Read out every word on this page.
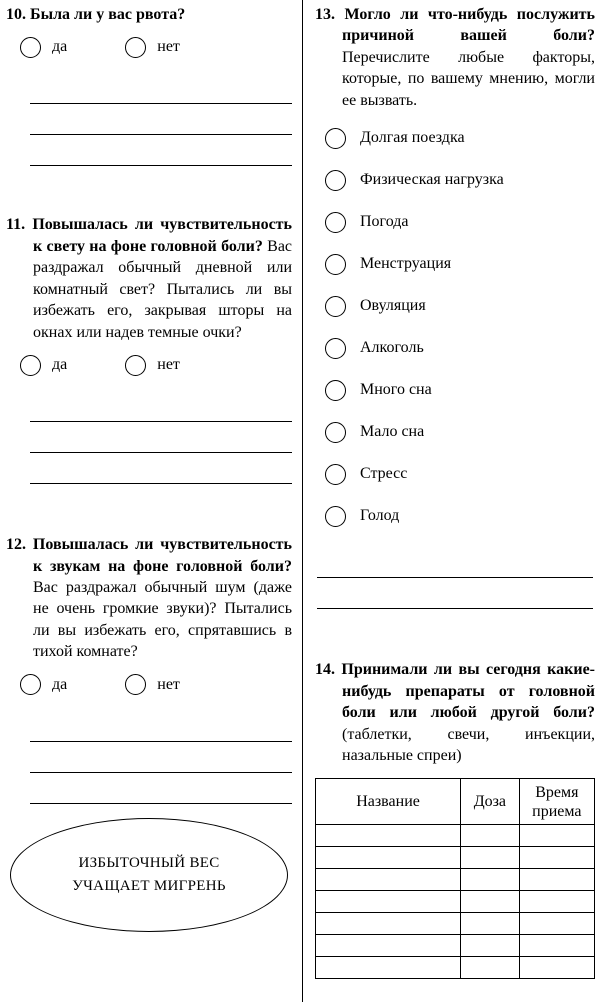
10. Была ли у вас рвота?

да	нет

11. Повышалась ли чувствительность к свету на фоне головной боли? Вас раздражал обычный дневной или комнатный свет? Пытались ли вы избежать его, закрывая шторы на окнах или надев темные очки?

да	нет

12. Повышалась ли чувствительность к звукам на фоне головной боли? Вас раздражал обычный шум (даже не очень громкие звуки)? Пытались ли вы избежать его, спрятавшись в тихой комнате?

да	нет
ИЗБЫТОЧНЫЙ ВЕС УЧАЩАЕТ МИГРЕНЬ

13. Могло ли что-нибудь послужить причиной вашей боли? Перечислите любые факторы, которые, по вашему мнению, могли ее вызвать.

Долгая поездка
Физическая нагрузка
Погода
Менструация
Овуляция
Алкоголь
Много сна
Мало сна
Стресс
Голод

14. Принимали ли вы сегодня какие-нибудь препараты от головной боли или любой другой боли? (таблетки, свечи, инъекции, назальные спреи)

Название	Доза	Время приема
